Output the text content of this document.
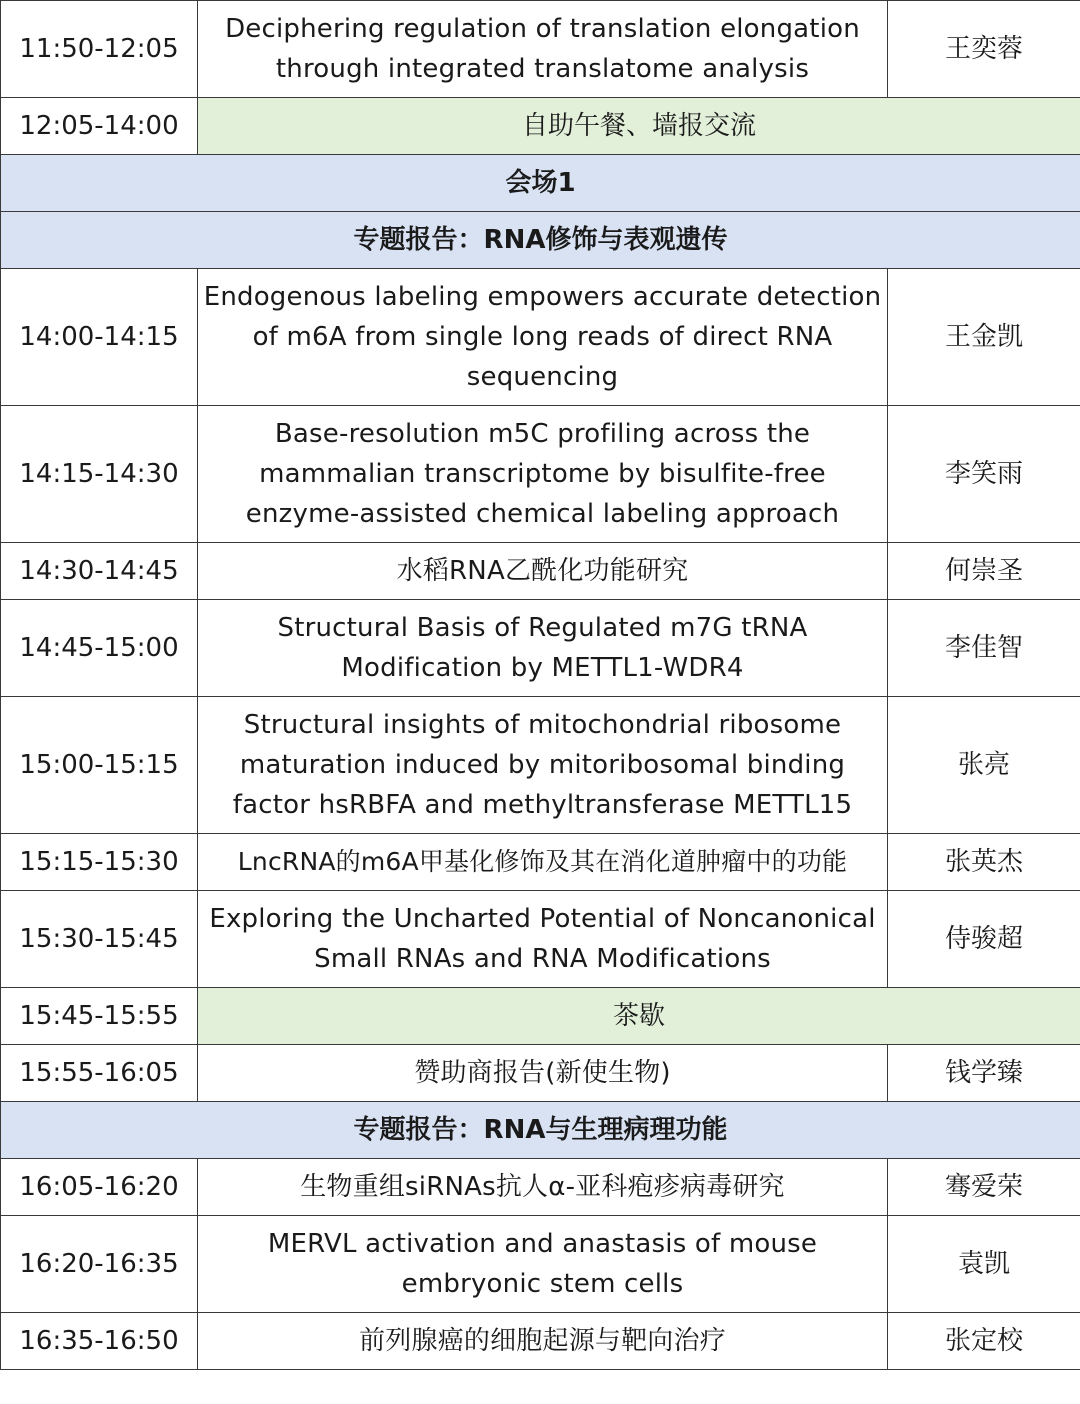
11:50-12:05	Deciphering regulation of translation elongation through integrated translatome analysis	王奕蓉
12:05-14:00	自助午餐、墙报交流	
会场1		
专题报告：RNA修饰与表观遗传		
14:00-14:15	Endogenous labeling empowers accurate detection of m6A from single long reads of direct RNA sequencing	王金凯
14:15-14:30	Base-resolution m5C profiling across the mammalian transcriptome by bisulfite-free enzyme-assisted chemical labeling approach	李笑雨
14:30-14:45	水稻RNA乙酰化功能研究	何崇圣
14:45-15:00	Structural Basis of Regulated m7G tRNA Modification by METTL1-WDR4	李佳智
15:00-15:15	Structural insights of mitochondrial ribosome maturation induced by mitoribosomal binding factor hsRBFA and methyltransferase METTL15	张亮
15:15-15:30	LncRNA的m6A甲基化修饰及其在消化道肿瘤中的功能	张英杰
15:30-15:45	Exploring the Uncharted Potential of Noncanonical Small RNAs and RNA Modifications	侍骏超
15:45-15:55	茶歇	
15:55-16:05	赞助商报告(新使生物)	钱学臻
专题报告：RNA与生理病理功能		
16:05-16:20	生物重组siRNAs抗人α-亚科疱疹病毒研究	骞爱荣
16:20-16:35	MERVL activation and anastasis of mouse embryonic stem cells	袁凯
16:35-16:50	前列腺癌的细胞起源与靶向治疗	张定校
